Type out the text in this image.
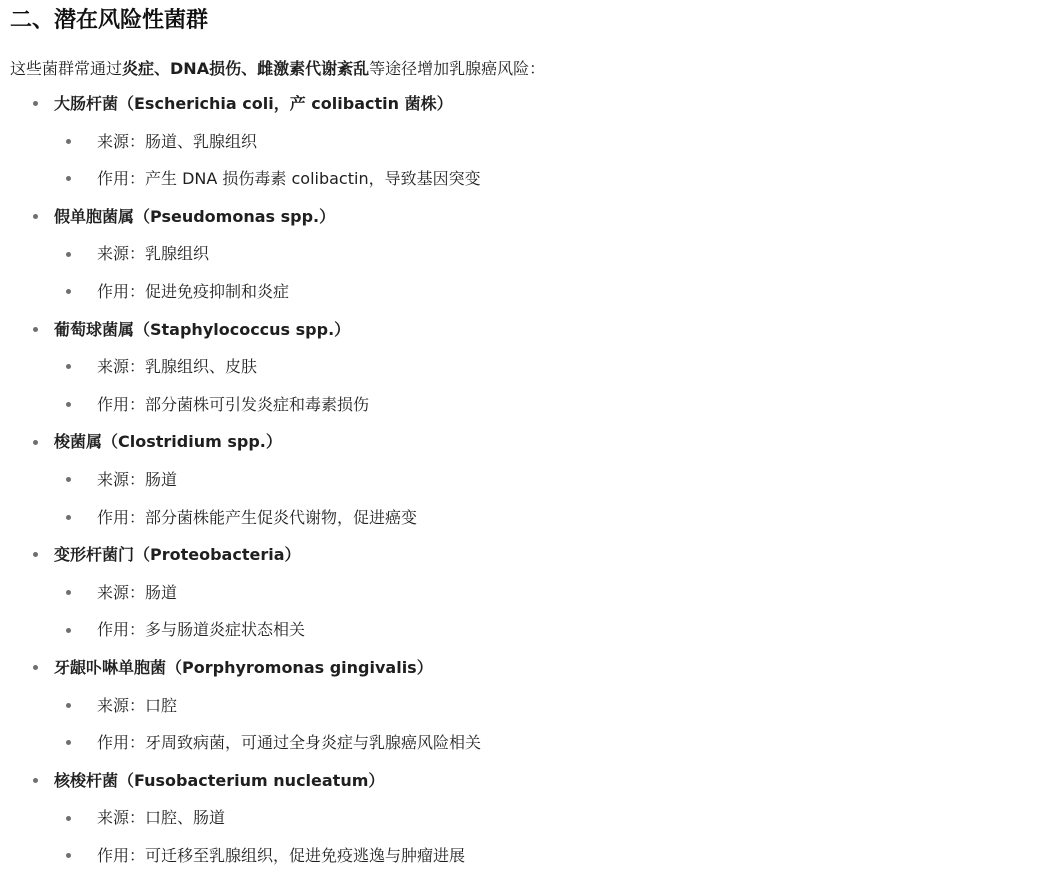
二、潜在风险性菌群

这些菌群常通过炎症、DNA损伤、雌激素代谢紊乱等途径增加乳腺癌风险：

大肠杆菌（Escherichia coli，产 colibactin 菌株）
来源：肠道、乳腺组织
作用：产生 DNA 损伤毒素 colibactin，导致基因突变
假单胞菌属（Pseudomonas spp.）
来源：乳腺组织
作用：促进免疫抑制和炎症
葡萄球菌属（Staphylococcus spp.）
来源：乳腺组织、皮肤
作用：部分菌株可引发炎症和毒素损伤
梭菌属（Clostridium spp.）
来源：肠道
作用：部分菌株能产生促炎代谢物，促进癌变
变形杆菌门（Proteobacteria）
来源：肠道
作用：多与肠道炎症状态相关
牙龈卟啉单胞菌（Porphyromonas gingivalis）
来源：口腔
作用：牙周致病菌，可通过全身炎症与乳腺癌风险相关
核梭杆菌（Fusobacterium nucleatum）
来源：口腔、肠道
作用：可迁移至乳腺组织，促进免疫逃逸与肿瘤进展
